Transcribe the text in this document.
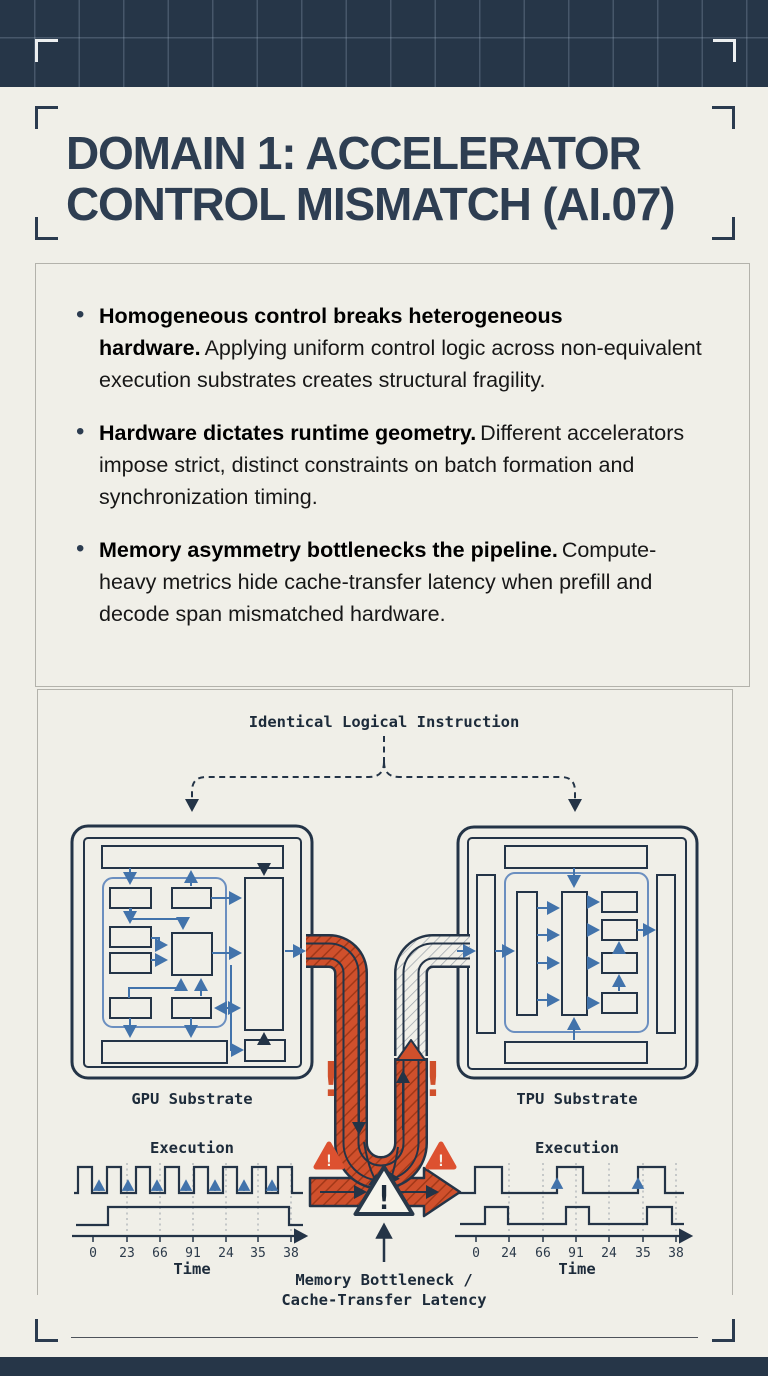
DOMAIN 1: ACCELERATOR
CONTROL MISMATCH (AI.07)
• Homogeneous control breaks heterogeneous hardware. Applying uniform control logic across non-equivalent execution substrates creates structural fragility.
• Hardware dictates runtime geometry. Different accelerators impose strict, distinct constraints on batch formation and synchronization timing.
• Memory asymmetry bottlenecks the pipeline. Compute-heavy metrics hide cache-transfer latency when prefill and decode span mismatched hardware.
Identical Logical Instruction
! !
!	!
!
GPU Substrate	TPU Substrate
Execution
0 23 66 91 24 35 38
Time
Execution
0 24 66 91 24 35 38
Time
Memory Bottleneck /
Cache-Transfer Latency
